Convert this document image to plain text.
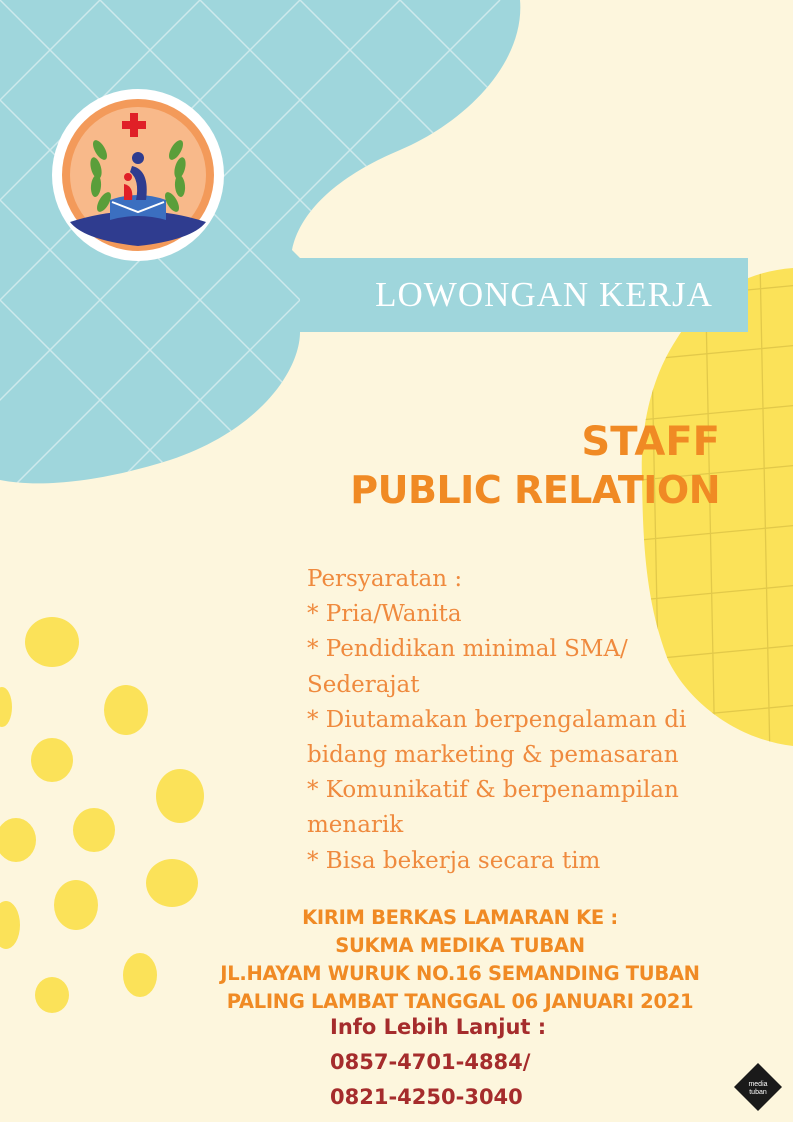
LOWONGAN KERJA
STAFF
PUBLIC RELATION

Persyaratan :

* Pria/Wanita

* Pendidikan minimal SMA/

Sederajat

* Diutamakan berpengalaman di

bidang marketing & pemasaran

* Komunikatif & berpenampilan

menarik

* Bisa bekerja secara tim

KIRIM BERKAS LAMARAN KE :

SUKMA MEDIKA TUBAN

JL.HAYAM WURUK NO.16 SEMANDING TUBAN

PALING LAMBAT TANGGAL 06 JANUARI 2021

Info Lebih Lanjut :

0857-4701-4884/

0821-4250-3040

media
tuban
